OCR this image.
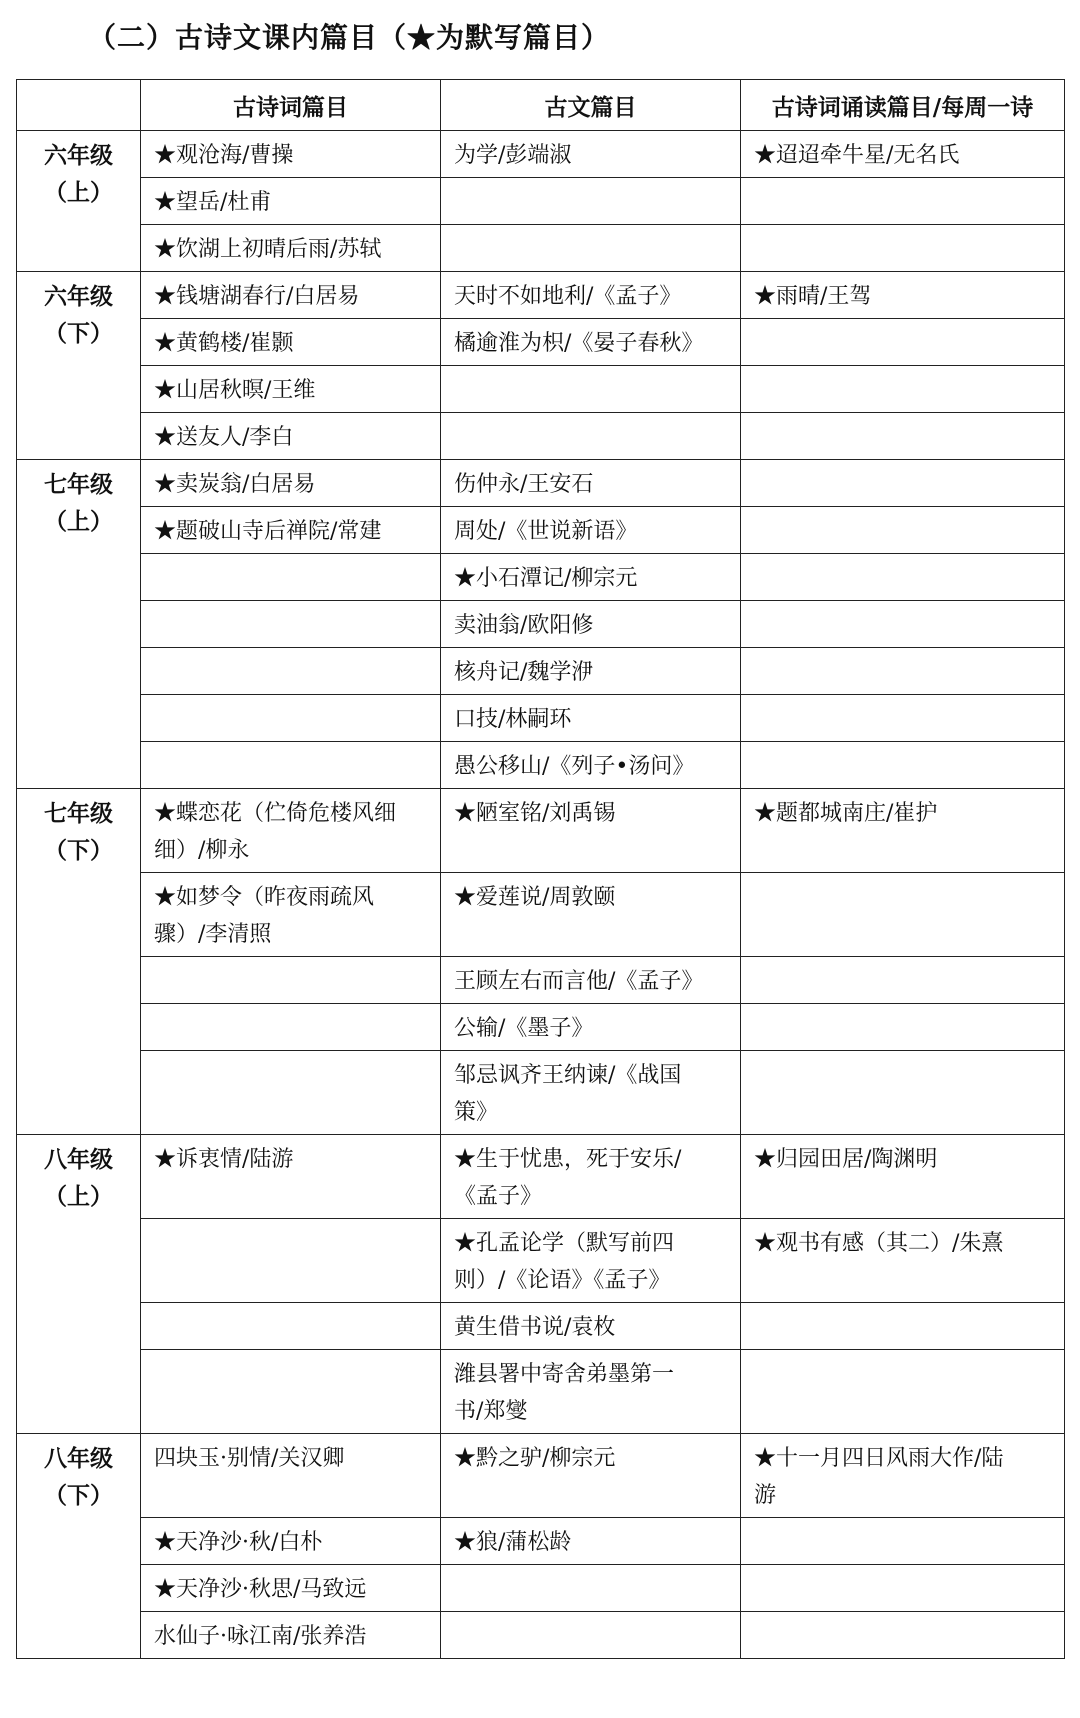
（二）古诗文课内篇目（★为默写篇目）
	古诗词篇目	古文篇目	古诗词诵读篇目/每周一诗

六年级
（上）	★观沧海/曹操	为学/彭端淑	★迢迢牵牛星/无名氏
	★望岳/杜甫		
	★饮湖上初晴后雨/苏轼		

六年级
（下）	★钱塘湖春行/白居易	天时不如地利/《孟子》	★雨晴/王驾
	★黄鹤楼/崔颢	橘逾淮为枳/《晏子春秋》	
	★山居秋暝/王维		
	★送友人/李白		

七年级
（上）	★卖炭翁/白居易	伤仲永/王安石	
	★题破山寺后禅院/常建	周处/《世说新语》	
		★小石潭记/柳宗元	
		卖油翁/欧阳修	
		核舟记/魏学洢	
		口技/林嗣环	
		愚公移山/《列子•汤问》	

七年级
（下）	★蝶恋花（伫倚危楼风细
细）/柳永	★陋室铭/刘禹锡	★题都城南庄/崔护
	★如梦令（昨夜雨疏风
骤）/李清照	★爱莲说/周敦颐	
		王顾左右而言他/《孟子》	
		公输/《墨子》	
		邹忌讽齐王纳谏/《战国
策》	

八年级
（上）	★诉衷情/陆游	★生于忧患，死于安乐/
《孟子》	★归园田居/陶渊明
		★孔孟论学（默写前四
则）/《论语》《孟子》	★观书有感（其二）/朱熹
		黄生借书说/袁枚	
		潍县署中寄舍弟墨第一
书/郑燮	

八年级
（下）	四块玉·别情/关汉卿	★黔之驴/柳宗元	★十一月四日风雨大作/陆
游
	★天净沙·秋/白朴	★狼/蒲松龄	
	★天净沙·秋思/马致远		
	水仙子·咏江南/张养浩		
